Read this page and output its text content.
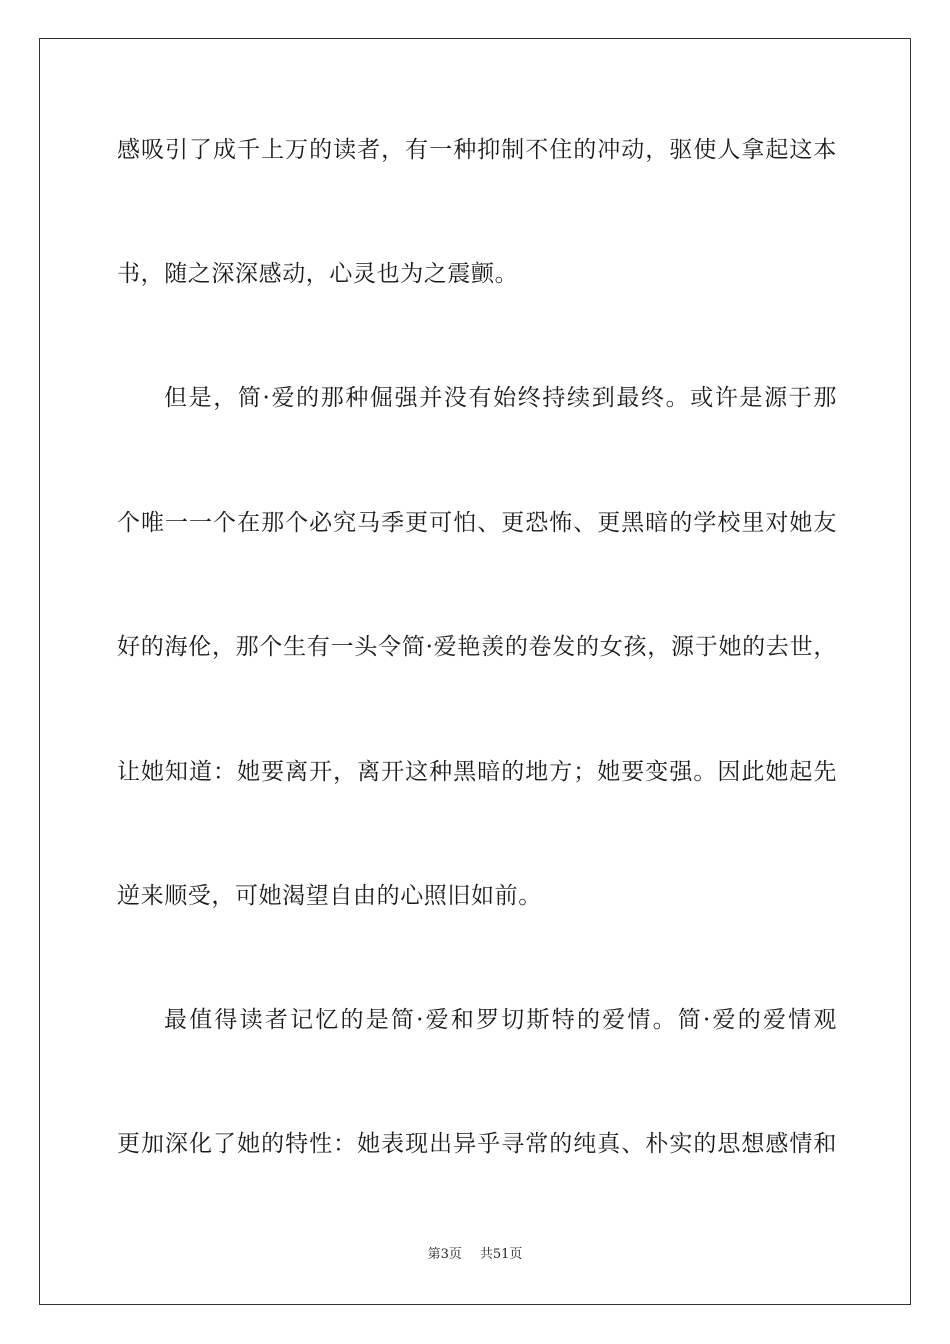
感吸引了成千上万的读者，有一种抑制不住的冲动，驱使人拿起这本
书，随之深深感动，心灵也为之震颤。
但是，简·爱的那种倔强并没有始终持续到最终。或许是源于那
个唯一一个在那个必究马季更可怕、更恐怖、更黑暗的学校里对她友
好的海伦，那个生有一头令简·爱艳羡的卷发的女孩，源于她的去世，
让她知道：她要离开，离开这种黑暗的地方；她要变强。因此她起先
逆来顺受，可她渴望自由的心照旧如前。
最值得读者记忆的是简·爱和罗切斯特的爱情。简·爱的爱情观
更加深化了她的特性：她表现出异乎寻常的纯真、朴实的思想感情和
第3页 共51页
